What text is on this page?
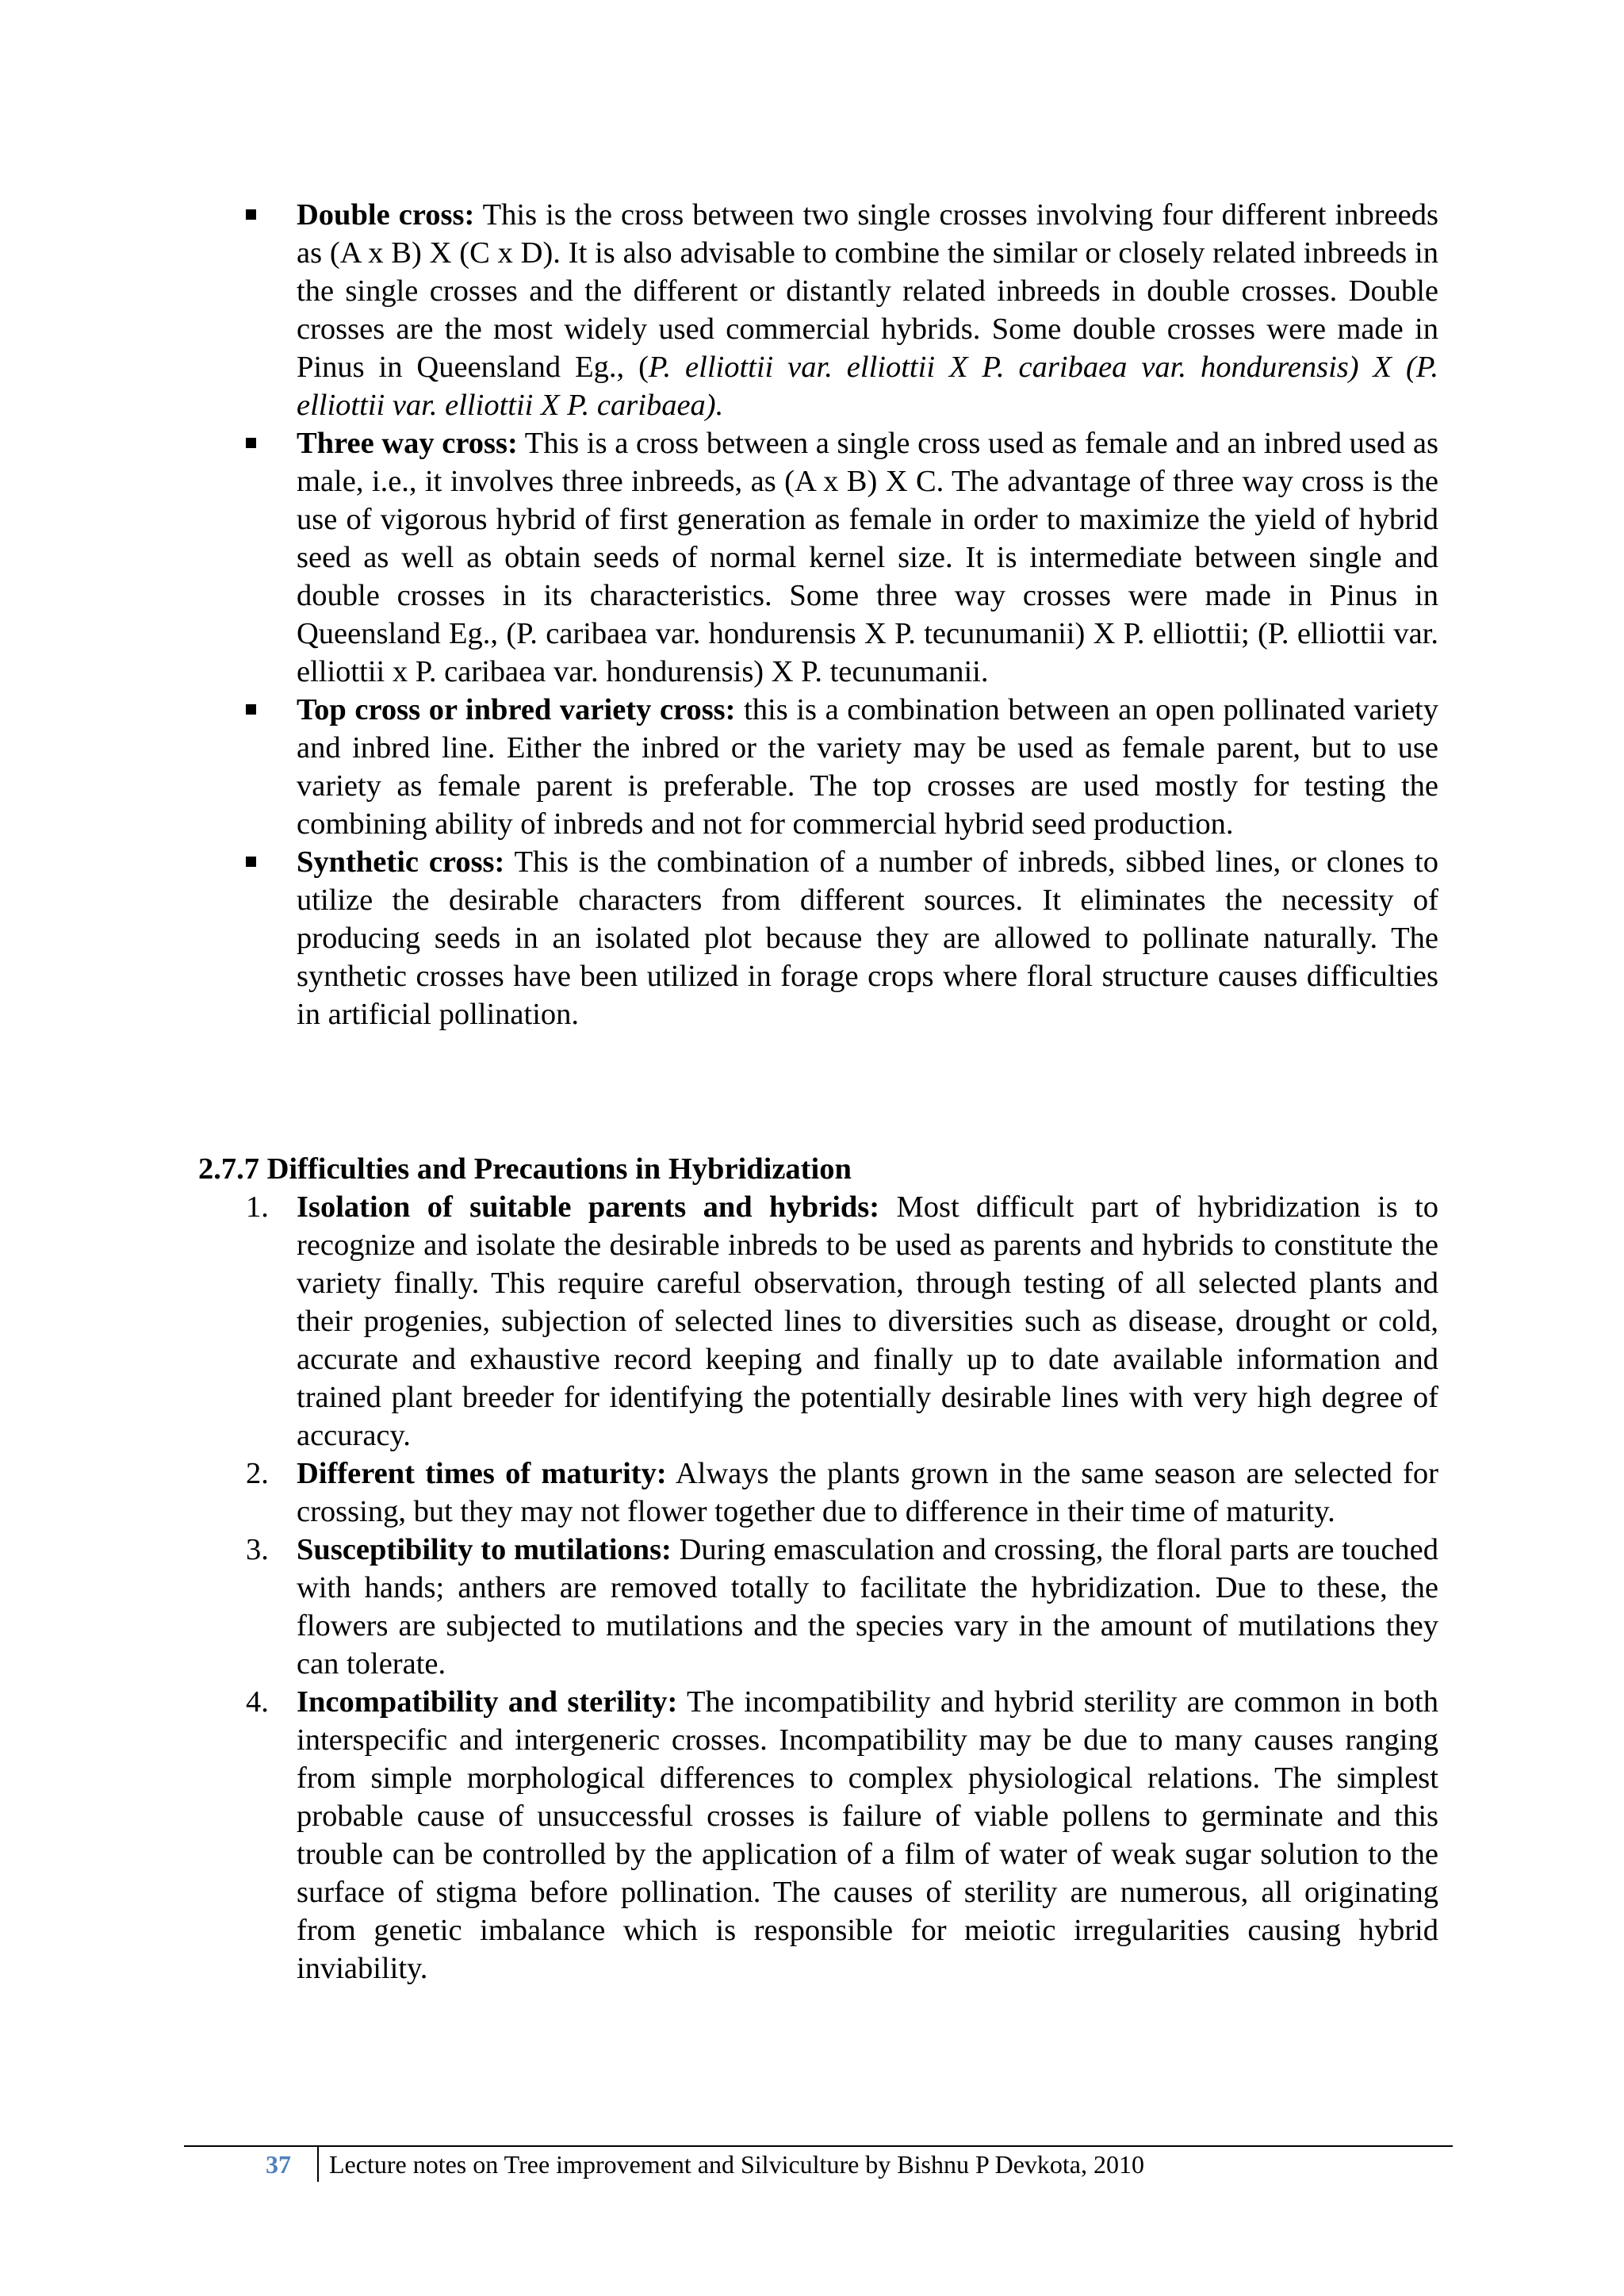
Double cross: This is the cross between two single crosses involving four different inbreeds as (A x B) X (C x D). It is also advisable to combine the similar or closely related inbreeds in the single crosses and the different or distantly related inbreeds in double crosses. Double crosses are the most widely used commercial hybrids. Some double crosses were made in Pinus in Queensland Eg., (P. elliottii var. elliottii X P. caribaea var. hondurensis) X (P. elliottii var. elliottii X P. caribaea).
Three way cross: This is a cross between a single cross used as female and an inbred used as male, i.e., it involves three inbreeds, as (A x B) X C. The advantage of three way cross is the use of vigorous hybrid of first generation as female in order to maximize the yield of hybrid seed as well as obtain seeds of normal kernel size. It is intermediate between single and double crosses in its characteristics. Some three way crosses were made in Pinus in Queensland Eg., (P. caribaea var. hondurensis X P. tecunumanii) X P. elliottii; (P. elliottii var. elliottii x P. caribaea var. hondurensis) X P. tecunumanii.
Top cross or inbred variety cross: this is a combination between an open pollinated variety and inbred line. Either the inbred or the variety may be used as female parent, but to use variety as female parent is preferable. The top crosses are used mostly for testing the combining ability of inbreds and not for commercial hybrid seed production.
Synthetic cross: This is the combination of a number of inbreds, sibbed lines, or clones to utilize the desirable characters from different sources. It eliminates the necessity of producing seeds in an isolated plot because they are allowed to pollinate naturally. The synthetic crosses have been utilized in forage crops where floral structure causes difficulties in artificial pollination.
2.7.7 Difficulties and Precautions in Hybridization
1. Isolation of suitable parents and hybrids: Most difficult part of hybridization is to recognize and isolate the desirable inbreds to be used as parents and hybrids to constitute the variety finally. This require careful observation, through testing of all selected plants and their progenies, subjection of selected lines to diversities such as disease, drought or cold, accurate and exhaustive record keeping and finally up to date available information and trained plant breeder for identifying the potentially desirable lines with very high degree of accuracy.
2. Different times of maturity: Always the plants grown in the same season are selected for crossing, but they may not flower together due to difference in their time of maturity.
3. Susceptibility to mutilations: During emasculation and crossing, the floral parts are touched with hands; anthers are removed totally to facilitate the hybridization. Due to these, the flowers are subjected to mutilations and the species vary in the amount of mutilations they can tolerate.
4. Incompatibility and sterility: The incompatibility and hybrid sterility are common in both interspecific and intergeneric crosses. Incompatibility may be due to many causes ranging from simple morphological differences to complex physiological relations. The simplest probable cause of unsuccessful crosses is failure of viable pollens to germinate and this trouble can be controlled by the application of a film of water of weak sugar solution to the surface of stigma before pollination. The causes of sterility are numerous, all originating from genetic imbalance which is responsible for meiotic irregularities causing hybrid inviability.
37 Lecture notes on Tree improvement and Silviculture by Bishnu P Devkota, 2010
